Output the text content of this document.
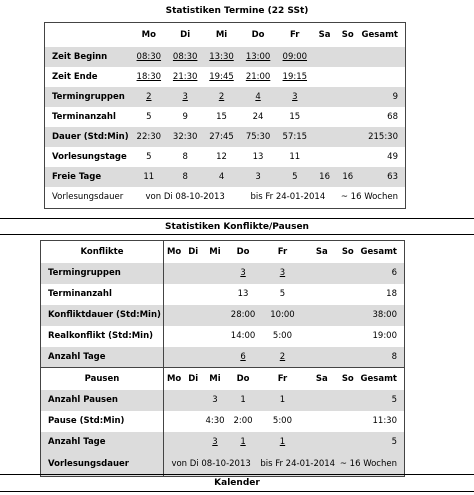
Statistiken Termine (22 SSt)
	Mo	Di	Mi	Do	Fr	Sa	So	Gesamt
Zeit Beginn	08:30	08:30	13:30	13:00	09:00			
Zeit Ende	18:30	21:30	19:45	21:00	19:15			
Termingruppen	2	3	2	4	3			9
Terminanzahl	5	9	15	24	15			68
Dauer (Std:Min)	22:30	32:30	27:45	75:30	57:15			215:30
Vorlesungstage	5	8	12	13	11			49
Freie Tage	11	8	4	3	5	16	16	63
Vorlesungsdauer	von Di 08-10-2013			bis Fr 24-01-2014			~ 16 Wochen	
Statistiken Konflikte/Pausen
Konflikte	Mo	Di	Mi	Do	Fr	Sa	So	Gesamt
Termingruppen				3	3			6
Terminanzahl				13	5			18
Konfliktdauer (Std:Min)				28:00	10:00			38:00
Realkonflikt (Std:Min)				14:00	5:00			19:00
Anzahl Tage				6	2			8
Pausen	Mo	Di	Mi	Do	Fr	Sa	So	Gesamt
Anzahl Pausen			3	1	1			5
Pause (Std:Min)			4:30	2:00	5:00			11:30
Anzahl Tage			3	1	1			5
Vorlesungsdauer	von Di 08-10-2013				bis Fr 24-01-2014		~ 16 Wochen	
Kalender
